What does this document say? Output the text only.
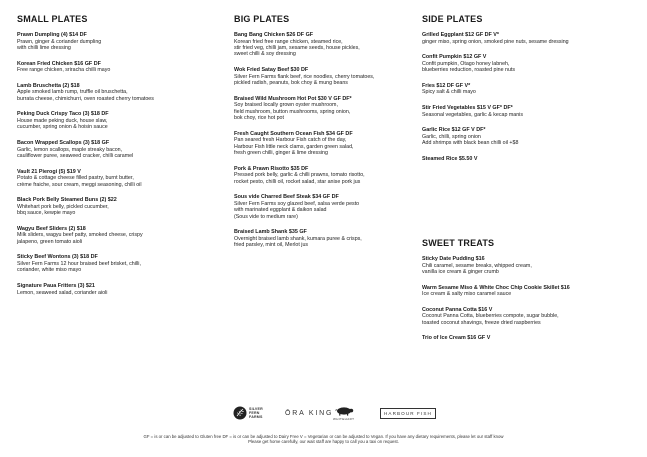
SMALL PLATES
Prawn Dumpling (4) $14 DF
Prawn, ginger & coriander dumpling
with chilli lime dressing
Korean Fried Chicken $16 GF DF
Free range chicken, sriracha chilli mayo
Lamb Bruschetta (2) $18
Apple smoked lamb rump, truffle oil bruschetta,
burrata cheese, chimichurri, oven roasted cherry tomatoes
Peking Duck Crispy Taco (3) $18 DF
House made peking duck, house slaw,
cucumber, spring onion & hoisin sauce
Bacon Wrapped Scallops (3) $18 GF
Garlic, lemon scallops, maple streaky bacon,
cauliflower puree, seaweed cracker, chilli caramel
Vault 21 Pierogi (5) $19 V
Potato & cottage cheese filled pastry, burnt butter,
crème fraiche, sour cream, meggi seasoning, chilli oil
Black Pork Belly Steamed Buns (2) $22
Whitehart pork belly, pickled cucumber,
bbq sauce, kewpie mayo
Wagyu Beef Sliders (2) $18
Milk sliders, wagyu beef patty, smoked cheese, crispy
jalapeno, green tomato aioli
Sticky Beef Wontons (3) $18 DF
Silver Fern Farms 12 hour braised beef brisket, chilli,
coriander, white miso mayo
Signature Paua Fritters (3) $21
Lemon, seaweed salad, coriander aioli
BIG PLATES
Bang Bang Chicken $26 DF GF
Korean fried free range chicken, steamed rice,
stir fried veg, chilli jam, sesame seeds, house pickles,
sweet chilli & soy dressing
Wok Fried Satay Beef $30 DF
Silver Fern Farms flank beef, rice noodles, cherry tomatoes,
pickled radish, peanuts, bok choy & mung beans
Braised Wild Mushroom Hot Pot $30 V GF DF*
Soy braised locally grown oyster mushroom,
field mushroom, button mushrooms, spring onion,
bok choy, rice hot pot
Fresh Caught Southern Ocean Fish $34 GF DF
Pan seared fresh Harbour Fish catch of the day,
Harbour Fish little neck clams, garden green salad,
fresh green chilli, ginger & lime dressing
Pork & Prawn Risotto $35 DF
Pressed pork belly, garlic & chilli prawns, tomato risotto,
rocket pesto, chilli oil, rocket salad, star anise pork jus
Sous vide Charred Beef Steak $34 GF DF
Silver Fern Farms soy glazed beef, salsa verde pesto
with marinated eggplant & daikon salad
(Sous vide to medium rare)
Braised Lamb Shank $35 GF
Overnight braised lamb shank, kumara puree & crisps,
fried parsley, mint oil, Merlot jus
SIDE PLATES
Grilled Eggplant $12 GF DF V*
ginger miso, spring onion, smoked pine nuts, sesame dressing
Confit Pumpkin $12 GF V
Confit pumpkin, Otago honey labneh,
blueberries reduction, roasted pine nuts
Fries $12 DF GF V*
Spicy salt & chilli mayo
Stir Fried Vegetables $15 V GF* DF*
Seasonal vegetables, garlic & kecap manis
Garlic Rice $12 GF V DF*
Garlic, chilli, spring onion
Add shrimps with black bean chilli oil +$8
Steamed Rice $5.50 V
SWEET TREATS
Sticky Date Pudding $16
Chili caramel, sesame breaks, whipped cream,
vanilla ice cream & ginger crumb
Warm Sesame Miso & White Choc Chip Cookie Skillet $16
Ice cream & salty miso caramel sauce
Coconut Panna Cotta $16 V
Coconut Panna Cotta, blueberries compote, sugar bubble,
toasted coconut shavings, freeze dried raspberries
Trio of Ice Cream $16 GF V
SILVER
FERN
FARMS
ŌRA KING
WHITEHART
HARBOUR FISH
GF = is or can be adjusted to Gluten free DF = is or can be adjusted to Dairy Free V = Vegetarian or can be adjusted to Vegan. If you have any dietary requirements, please let our staff know
Please get home carefully, our wait staff are happy to call you a taxi on request.
